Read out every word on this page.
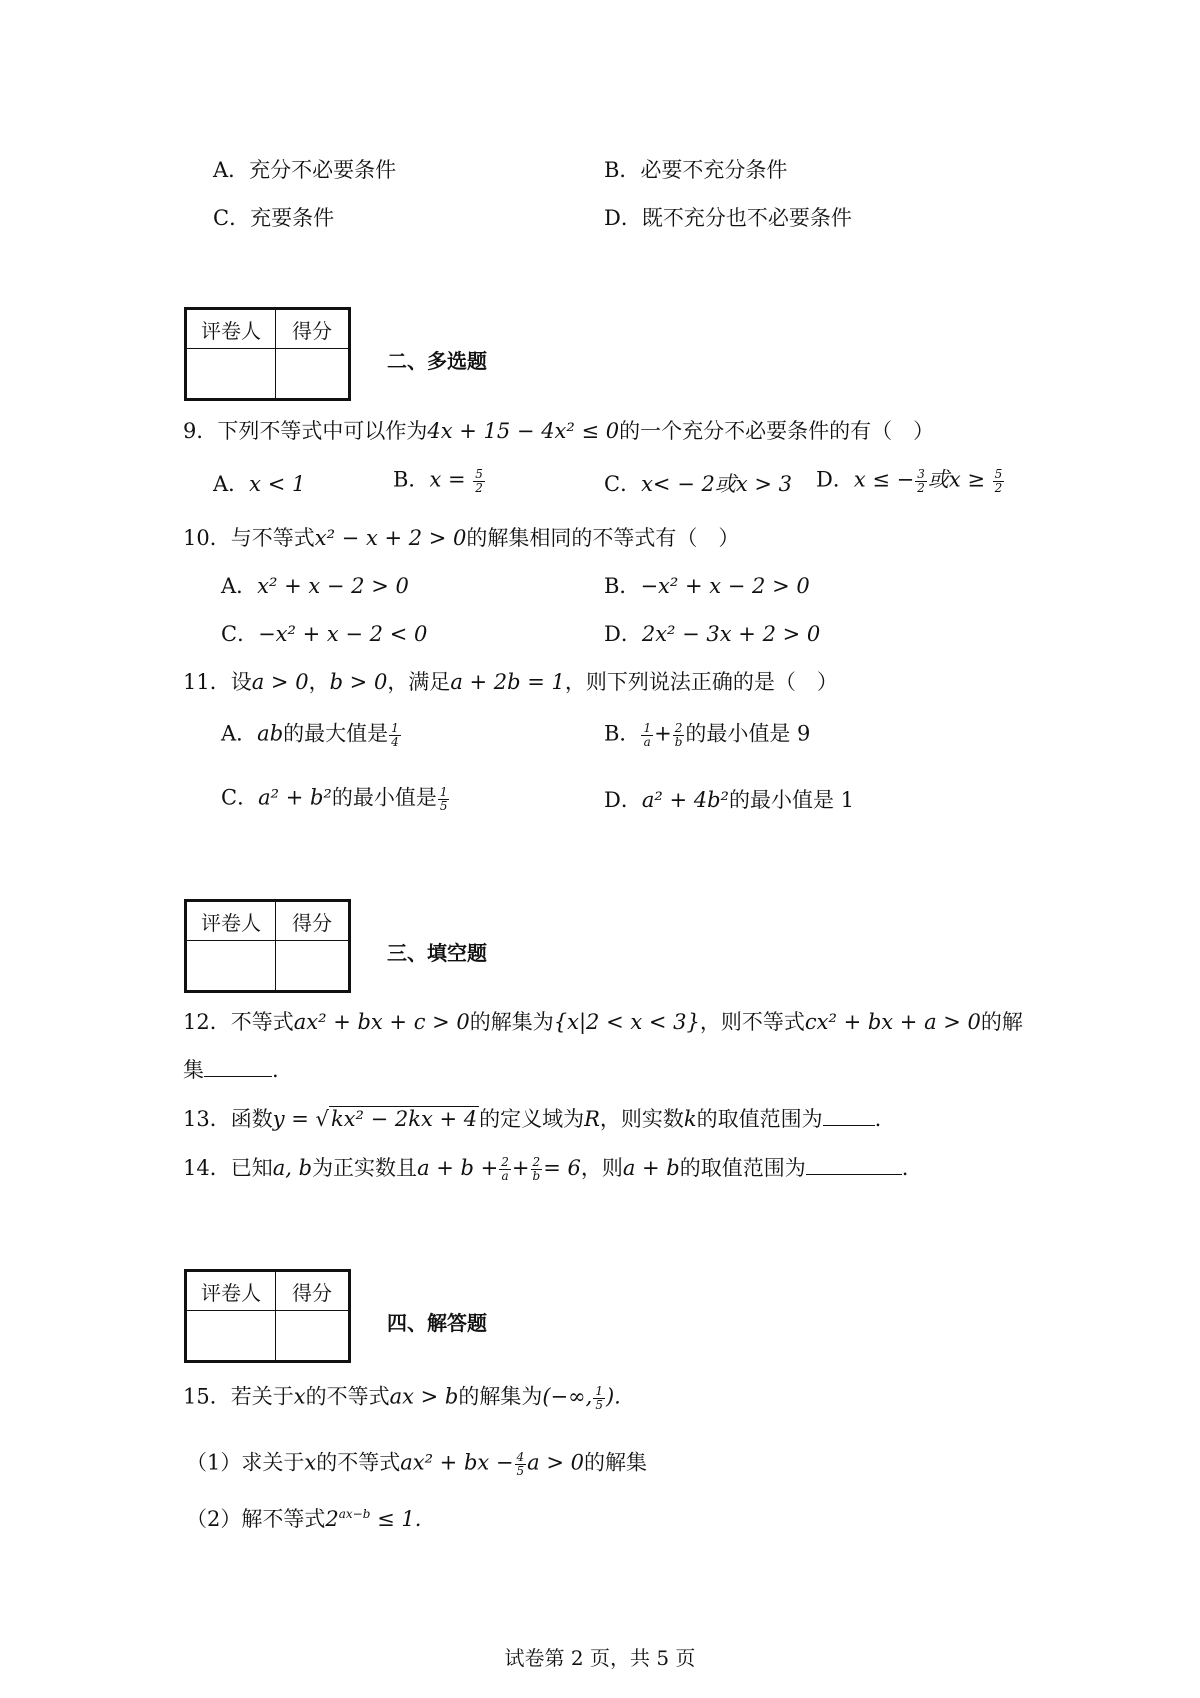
A．充分不必要条件	B．必要不充分条件
C．充要条件	D．既不充分也不必要条件
评卷人	得分

二、多选题
9．下列不等式中可以作为4x + 15 − 4x² ≤ 0的一个充分不必要条件的有（　）
A．x < 1	B．$x = \frac{5}{2}$	C．x< − 2或x > 3 D．x ≤ − $\frac{3}{2}$ 或$x \ge \frac{5}{2}$
10．与不等式x² − x + 2 > 0的解集相同的不等式有（　）
A．x² + x − 2 > 0	B．−x² + x − 2 > 0
C．−x² + x − 2 < 0	D．2x² − 3x + 2 > 0
11．设a > 0，b > 0，满足a + 2b = 1，则下列说法正确的是（　）
A．ab的最大值是 $\frac{1}{4}$	B． $\frac{1}{a} + \frac{2}{b}$ 的最小值是 9
C．a² + b²的最小值是 $\frac{1}{5}$	D．a² + 4b²的最小值是 1
评卷人	得分

三、填空题
12．不等式ax² + bx + c > 0的解集为{x|2 < x < 3}，则不等式cx² + bx + a > 0的解
集	.
13．函数y = √kx² − 2kx + 4的定义域为R，则实数k的取值范围为 .
14．已知a, b为正实数且$a + b + \frac{2}{a} + \frac{2}{b} = 6$，则a + b的取值范围为	.
评卷人	得分

四、解答题
15．若关于x的不等式ax > b的解集为(−∞, $\frac{1}{5}$ ).
（1）求关于x的不等式ax² + bx − $\frac{4}{5}$ a > 0的解集
（2）解不等式$2^{ax-b} \le 1$.
试卷第 2 页，共 5 页
